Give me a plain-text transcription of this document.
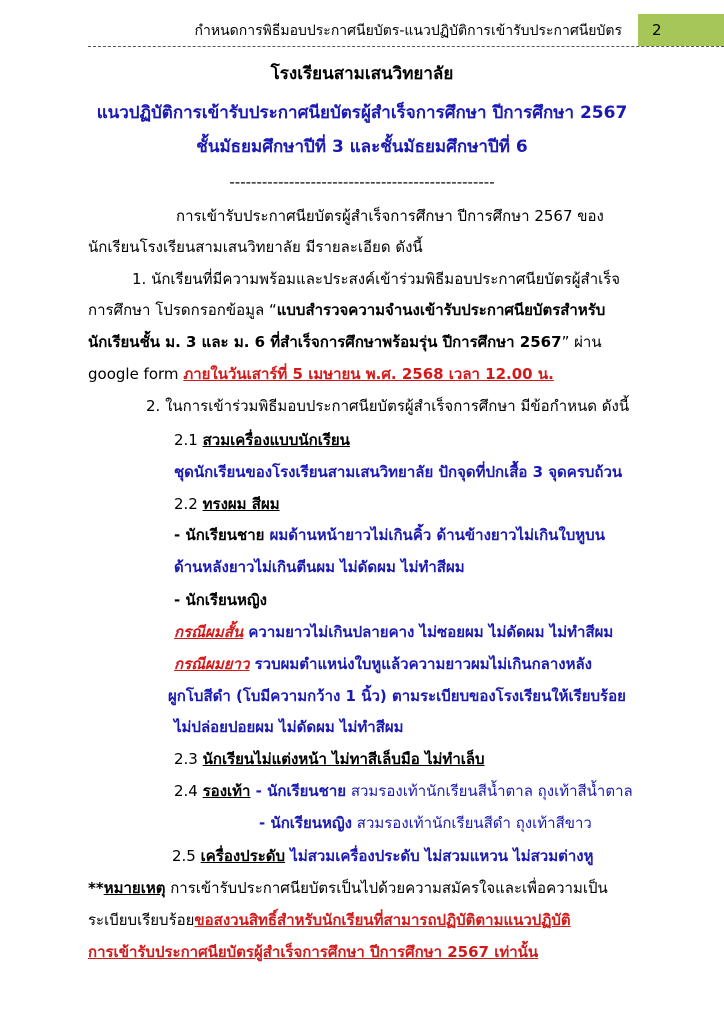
กำหนดการพิธีมอบประกาศนียบัตร-แนวปฏิบัติการเข้ารับประกาศนียบัตร	2
โรงเรียนสามเสนวิทยาลัย
แนวปฏิบัติการเข้ารับประกาศนียบัตรผู้สำเร็จการศึกษา ปีการศึกษา 2567
ชั้นมัธยมศึกษาปีที่ 3 และชั้นมัธยมศึกษาปีที่ 6
-------------------------------------------------
การเข้ารับประกาศนียบัตรผู้สำเร็จการศึกษา ปีการศึกษา 2567 ของ
นักเรียนโรงเรียนสามเสนวิทยาลัย มีรายละเอียด ดังนี้
1. นักเรียนที่มีความพร้อมและประสงค์เข้าร่วมพิธีมอบประกาศนียบัตรผู้สำเร็จ
การศึกษา โปรดกรอกข้อมูล “แบบสำรวจความจำนงเข้ารับประกาศนียบัตรสำหรับ
นักเรียนชั้น ม. 3 และ ม. 6 ที่สำเร็จการศึกษาพร้อมรุ่น ปีการศึกษา 2567” ผ่าน
google form ภายในวันเสาร์ที่ 5 เมษายน พ.ศ. 2568 เวลา 12.00 น.
2. ในการเข้าร่วมพิธีมอบประกาศนียบัตรผู้สำเร็จการศึกษา มีข้อกำหนด ดังนี้
2.1 สวมเครื่องแบบนักเรียน
ชุดนักเรียนของโรงเรียนสามเสนวิทยาลัย ปักจุดที่ปกเสื้อ 3 จุดครบถ้วน
2.2 ทรงผม สีผม
- นักเรียนชาย ผมด้านหน้ายาวไม่เกินคิ้ว ด้านข้างยาวไม่เกินใบหูบน
ด้านหลังยาวไม่เกินตีนผม ไม่ดัดผม ไม่ทำสีผม
- นักเรียนหญิง
กรณีผมสั้น ความยาวไม่เกินปลายคาง ไม่ซอยผม ไม่ดัดผม ไม่ทำสีผม
กรณีผมยาว รวบผมตำแหน่งใบหูแล้วความยาวผมไม่เกินกลางหลัง
ผูกโบสีดำ (โบมีความกว้าง 1 นิ้ว) ตามระเบียบของโรงเรียนให้เรียบร้อย
ไม่ปล่อยปอยผม ไม่ดัดผม ไม่ทำสีผม
2.3 นักเรียนไม่แต่งหน้า ไม่ทาสีเล็บมือ ไม่ทำเล็บ
2.4 รองเท้า - นักเรียนชาย สวมรองเท้านักเรียนสีน้ำตาล ถุงเท้าสีน้ำตาล
- นักเรียนหญิง สวมรองเท้านักเรียนสีดำ ถุงเท้าสีขาว
2.5 เครื่องประดับ ไม่สวมเครื่องประดับ ไม่สวมแหวน ไม่สวมต่างหู
**หมายเหตุ การเข้ารับประกาศนียบัตรเป็นไปด้วยความสมัครใจและเพื่อความเป็น
ระเบียบเรียบร้อยขอสงวนสิทธิ์สำหรับนักเรียนที่สามารถปฏิบัติตามแนวปฏิบัติ
การเข้ารับประกาศนียบัตรผู้สำเร็จการศึกษา ปีการศึกษา 2567 เท่านั้น
